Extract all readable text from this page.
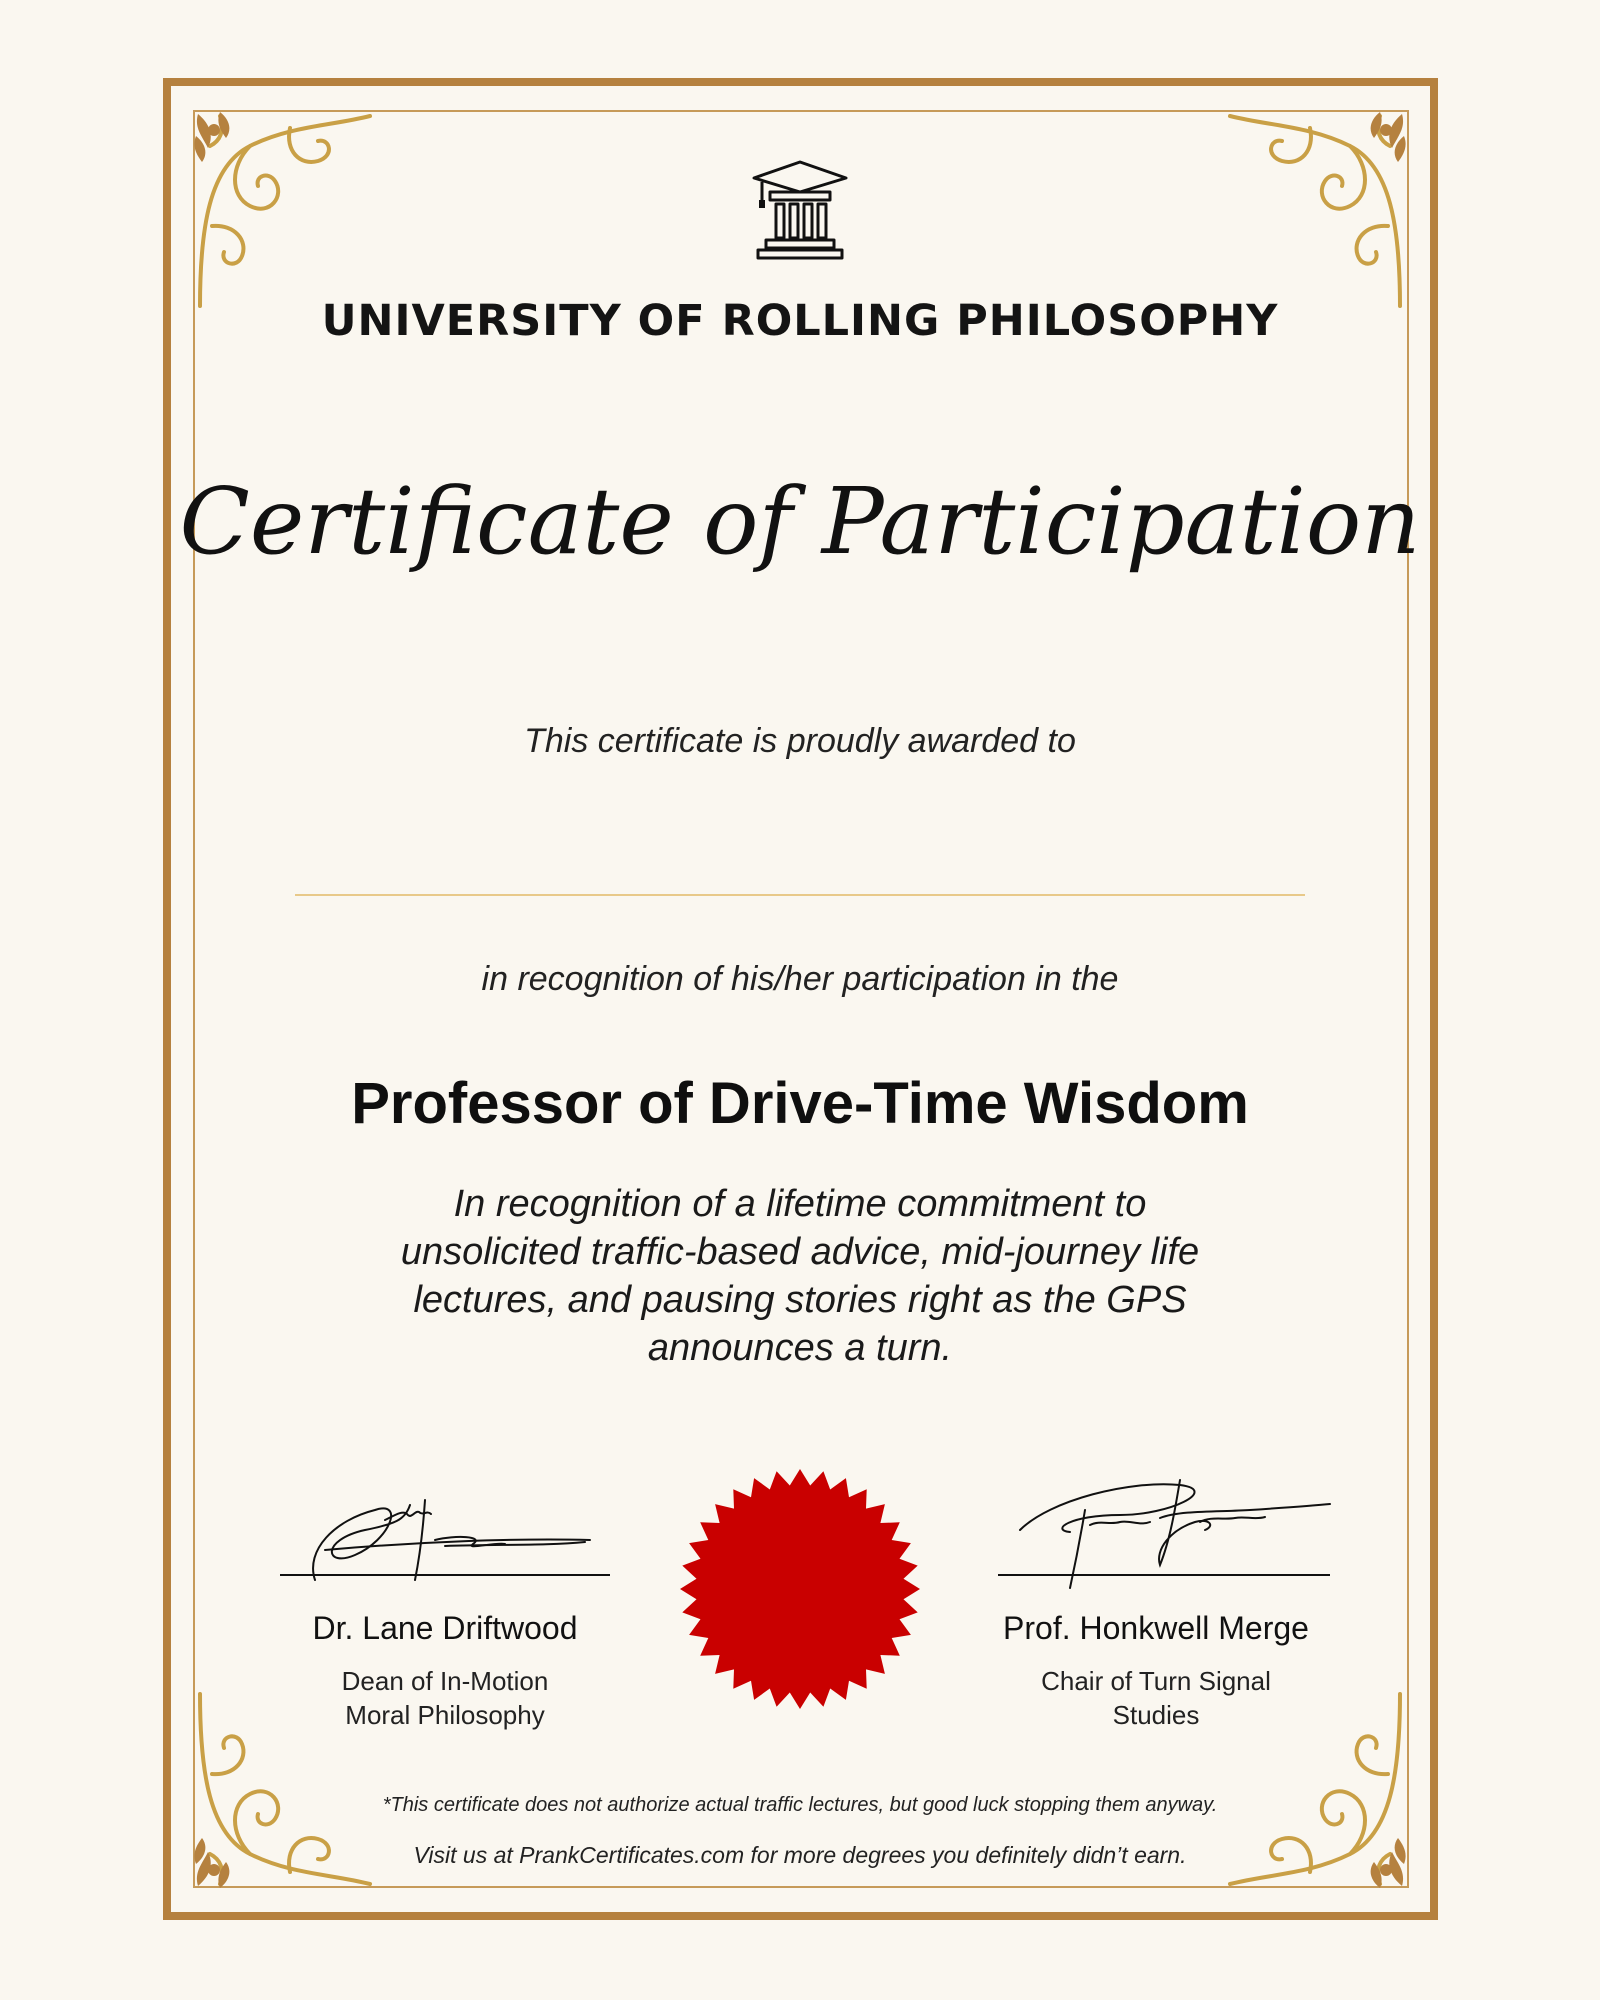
UNIVERSITY OF ROLLING PHILOSOPHY
Certificate of Participation
This certificate is proudly awarded to
in recognition of his/her participation in the
Professor of Drive-Time Wisdom
In recognition of a lifetime commitment to unsolicited traffic-based advice, mid-journey life lectures, and pausing stories right as the GPS announces a turn.
Dr. Lane Driftwood
Dean of In-Motion
Moral Philosophy
Prof. Honkwell Merge
Chair of Turn Signal
Studies
*This certificate does not authorize actual traffic lectures, but good luck stopping them anyway.
Visit us at PrankCertificates.com for more degrees you definitely didn’t earn.
